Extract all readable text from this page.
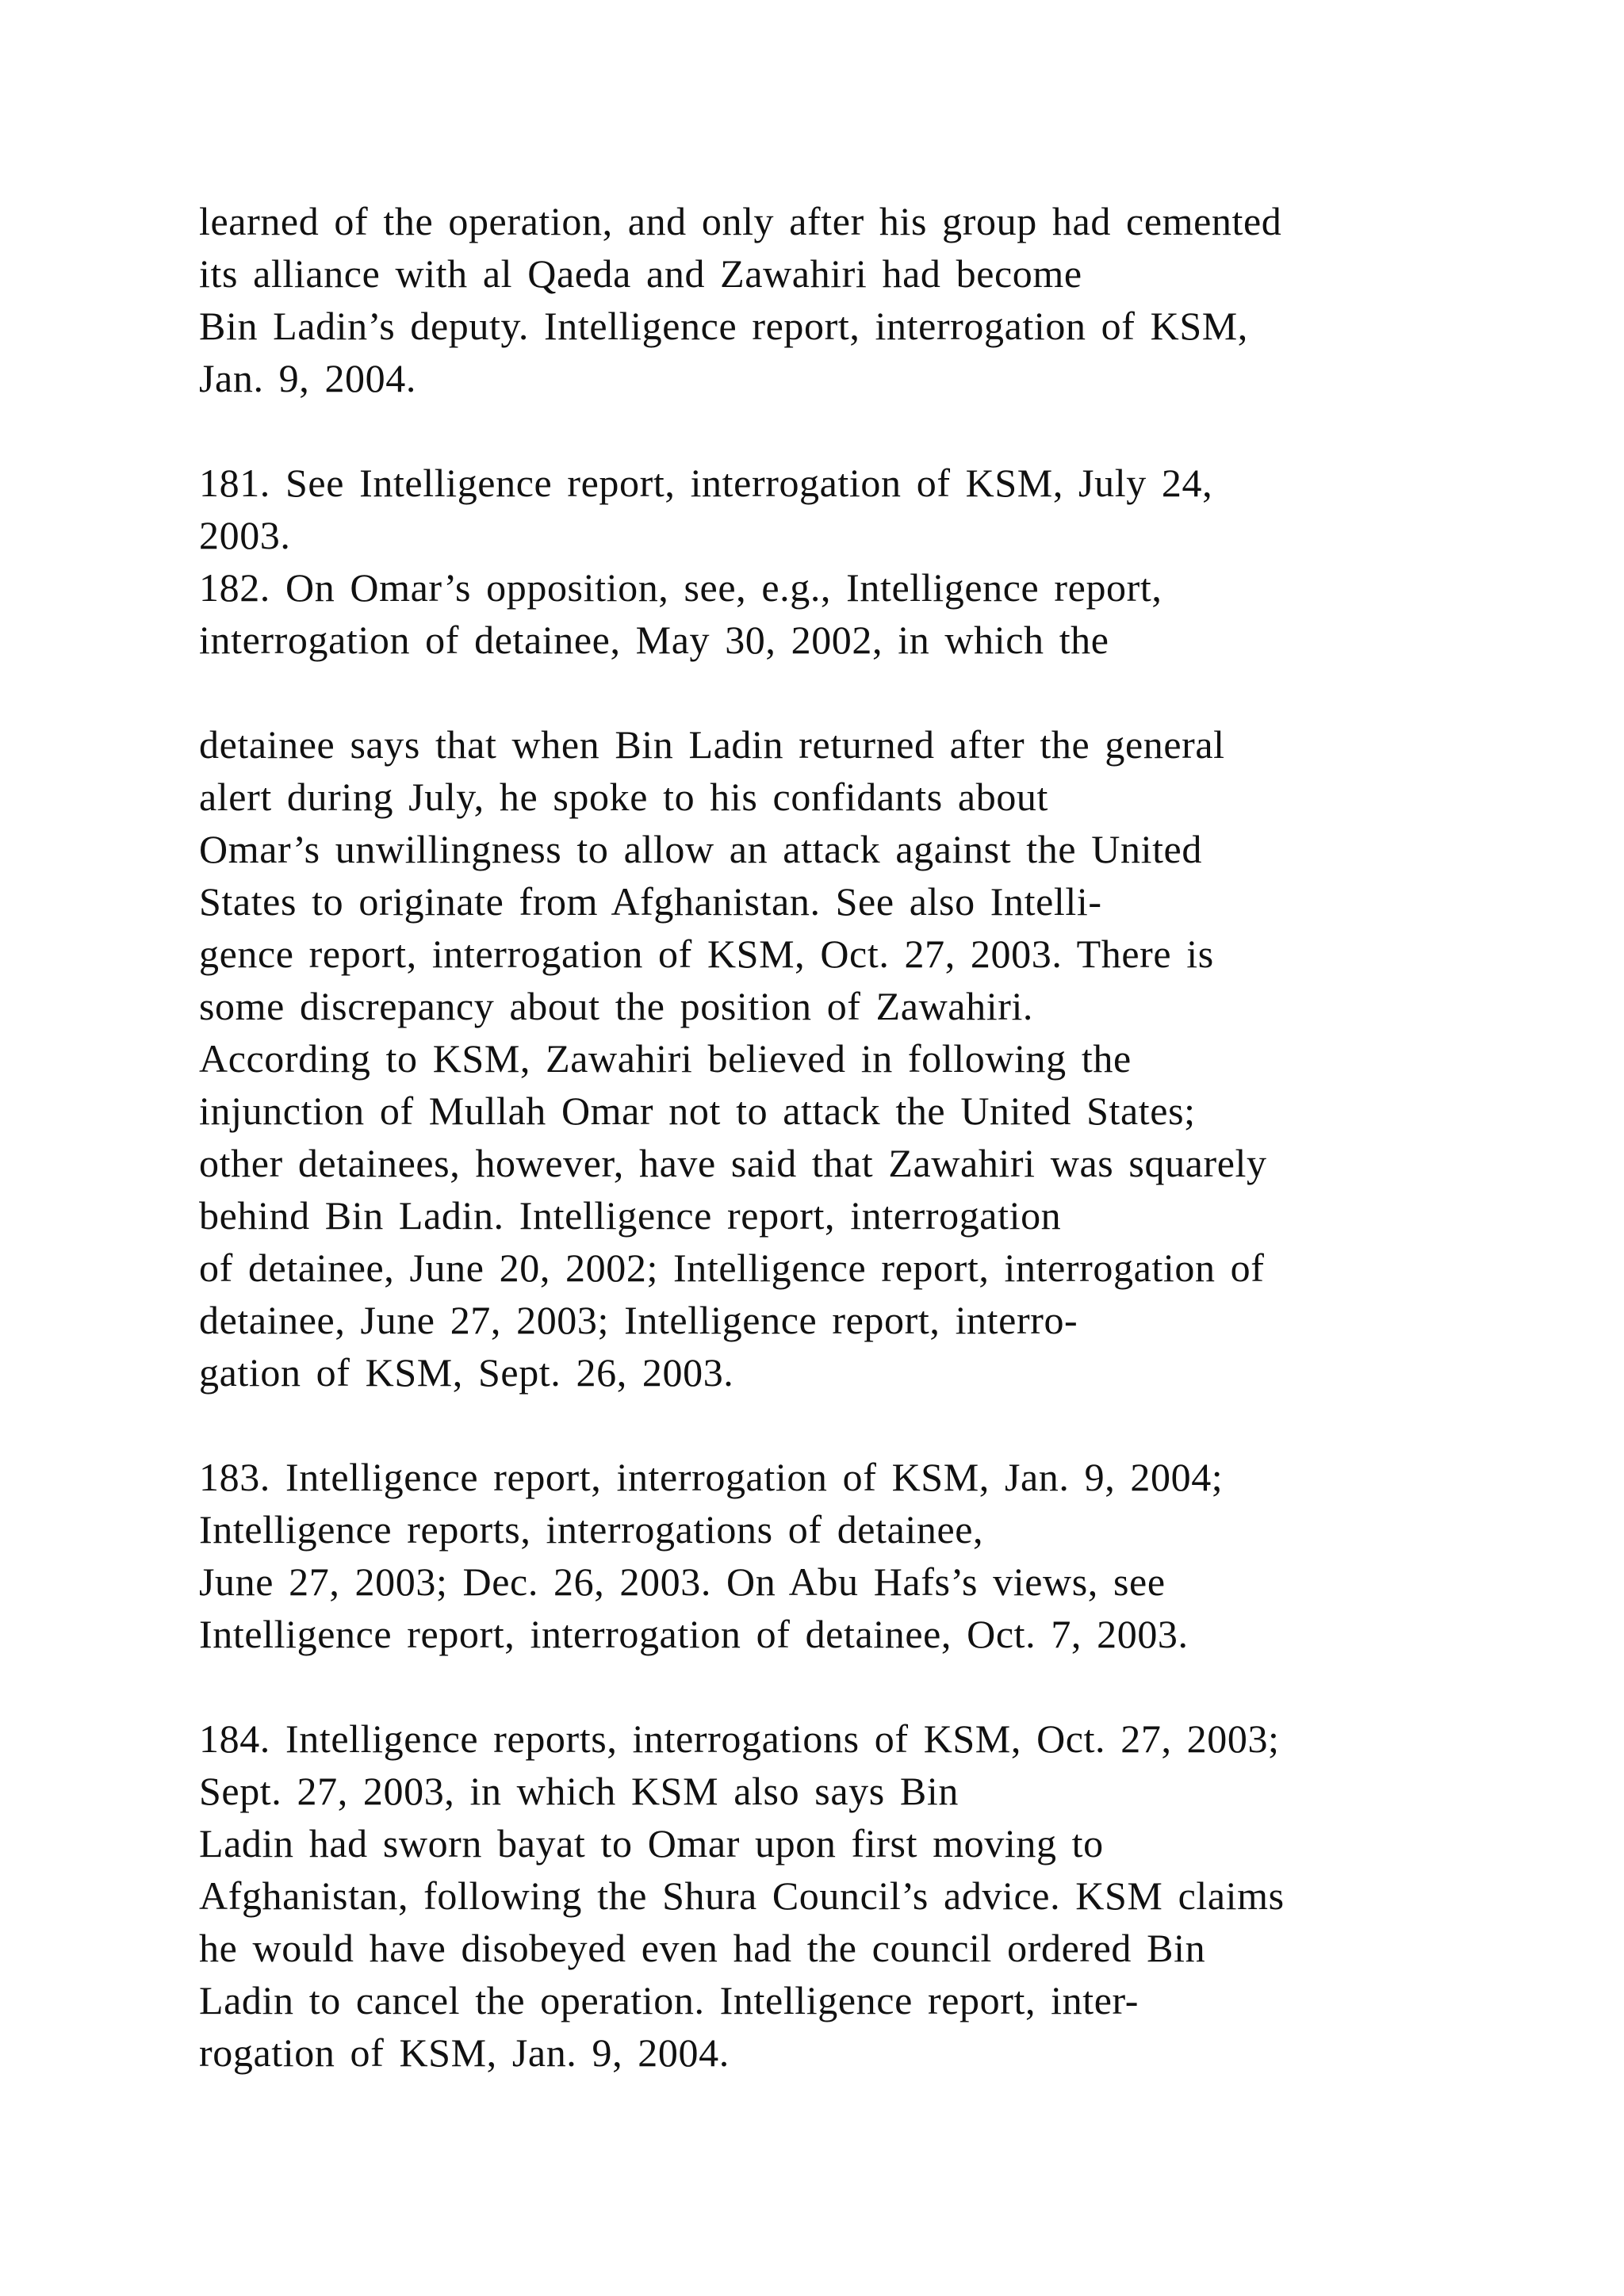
learned of the operation, and only after his group had cemented
its alliance with al Qaeda and Zawahiri had become
Bin Ladin’s deputy. Intelligence report, interrogation of KSM,
Jan. 9, 2004.
181. See Intelligence report, interrogation of KSM, July 24,
2003.
182. On Omar’s opposition, see, e.g., Intelligence report,
interrogation of detainee, May 30, 2002, in which the
detainee says that when Bin Ladin returned after the general
alert during July, he spoke to his confidants about
Omar’s unwillingness to allow an attack against the United
States to originate from Afghanistan. See also Intelli-
gence report, interrogation of KSM, Oct. 27, 2003. There is
some discrepancy about the position of Zawahiri.
According to KSM, Zawahiri believed in following the
injunction of Mullah Omar not to attack the United States;
other detainees, however, have said that Zawahiri was squarely
behind Bin Ladin. Intelligence report, interrogation
of detainee, June 20, 2002; Intelligence report, interrogation of
detainee, June 27, 2003; Intelligence report, interro-
gation of KSM, Sept. 26, 2003.
183. Intelligence report, interrogation of KSM, Jan. 9, 2004;
Intelligence reports, interrogations of detainee,
June 27, 2003; Dec. 26, 2003. On Abu Hafs’s views, see
Intelligence report, interrogation of detainee, Oct. 7, 2003.
184. Intelligence reports, interrogations of KSM, Oct. 27, 2003;
Sept. 27, 2003, in which KSM also says Bin
Ladin had sworn bayat to Omar upon first moving to
Afghanistan, following the Shura Council’s advice. KSM claims
he would have disobeyed even had the council ordered Bin
Ladin to cancel the operation. Intelligence report, inter-
rogation of KSM, Jan. 9, 2004.
